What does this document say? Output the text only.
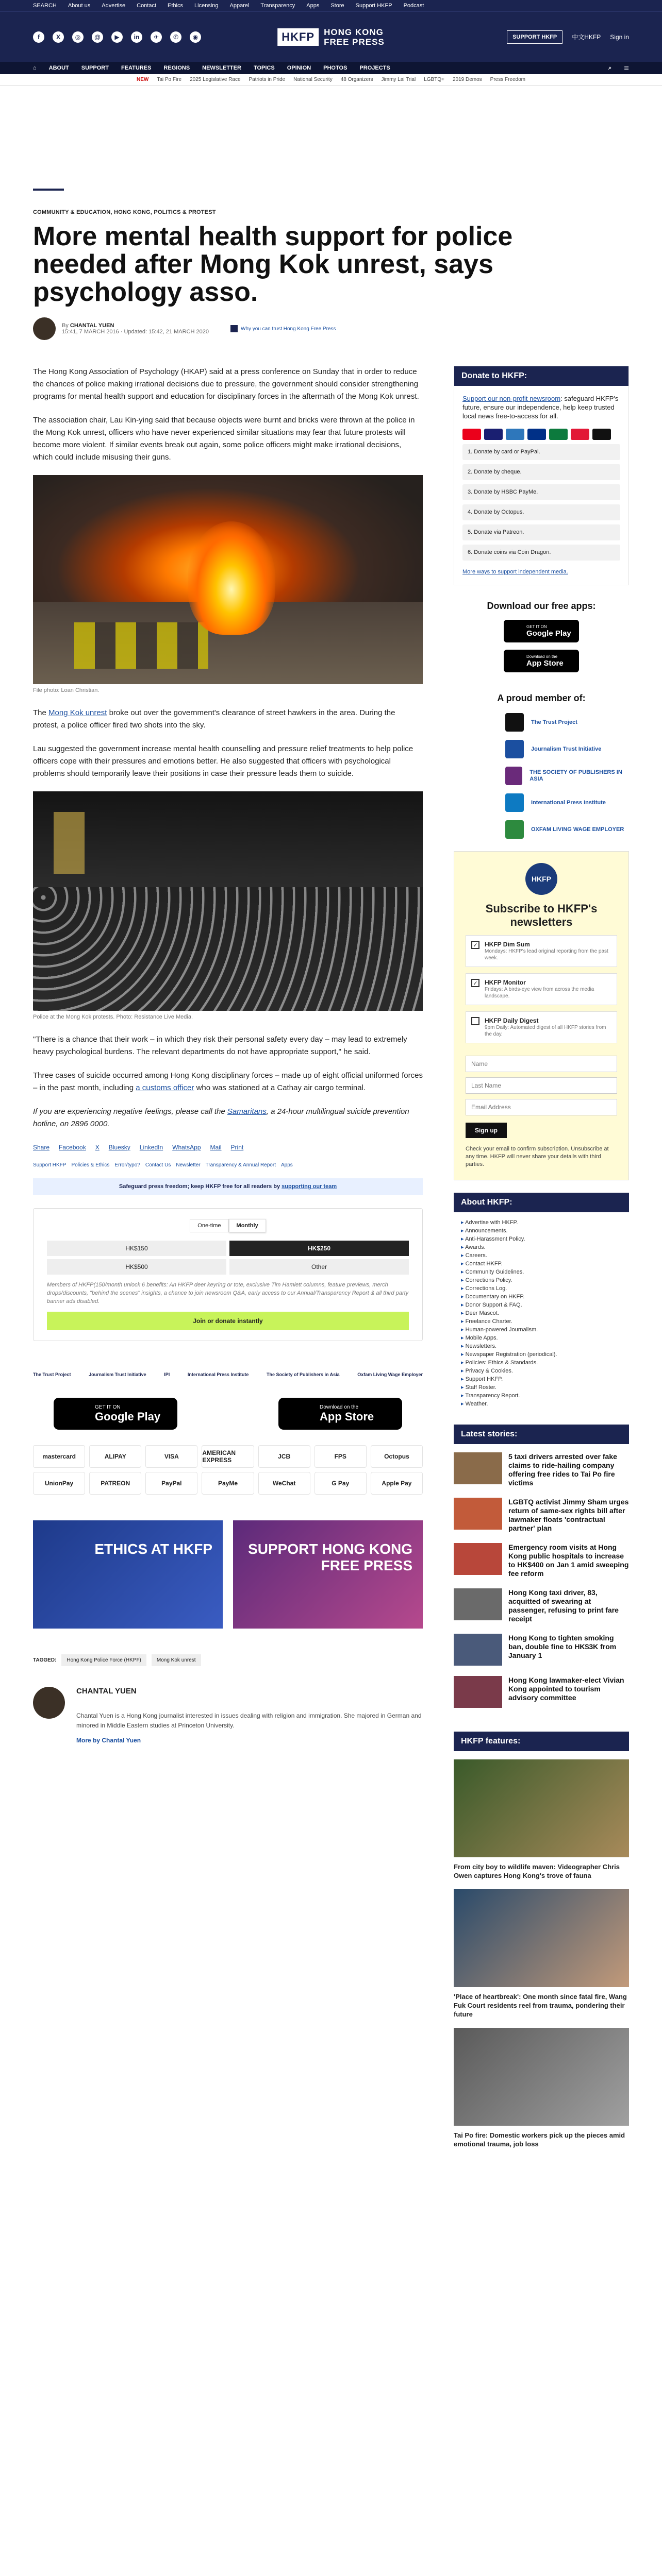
SEARCH About us Advertise Contact Ethics Licensing Apparel Transparency Apps Store Support HKFP Podcast
f	X	◎	@	▶	in	✈	✆	◉	HKFP	HONG KONG
FREE PRESS	SUPPORT HKFP	中文HKFP Sign in
⌂ ABOUT SUPPORT FEATURES REGIONS NEWSLETTER TOPICS OPINION PHOTOS PROJECTS	⌕ ☰
NEW Tai Po Fire 2025 Legislative Race Patriots in Pride National Security 48 Organizers Jimmy Lai Trial LGBTQ+ 2019 Demos Press Freedom
COMMUNITY & EDUCATION, HONG KONG, POLITICS & PROTEST
More mental health support for police needed after Mong Kok unrest, says psychology asso.
By CHANTAL YUEN
15:41, 7 MARCH 2016 · Updated: 15:42, 21 MARCH 2020	Why you can trust Hong Kong Free Press

The Hong Kong Association of Psychology (HKAP) said at a press conference on Sunday that in order to reduce the chances of police making irrational decisions due to pressure, the government should consider strengthening programs for mental health support and education for disciplinary forces in the aftermath of the Mong Kok unrest.

The association chair, Lau Kin-ying said that because objects were burnt and bricks were thrown at the police in the Mong Kok unrest, officers who have never experienced similar situations may fear that future protests will become more violent. If similar events break out again, some police officers might make irrational decisions, which could include misusing their guns.

File photo: Loan Christian.

The Mong Kok unrest broke out over the government's clearance of street hawkers in the area. During the protest, a police officer fired two shots into the sky.

Lau suggested the government increase mental health counselling and pressure relief treatments to help police officers cope with their pressures and emotions better. He also suggested that officers with psychological problems should temporarily leave their positions in case their pressure leads them to suicide.

Police at the Mong Kok protests. Photo: Resistance Live Media.

"There is a chance that their work – in which they risk their personal safety every day – may lead to extremely heavy psychological burdens. The relevant departments do not have appropriate support," he said.

Three cases of suicide occurred among Hong Kong disciplinary forces – made up of eight official uniformed forces – in the past month, including a customs officer who was stationed at a Cathay air cargo terminal.

If you are experiencing negative feelings, please call the Samaritans, a 24-hour multilingual suicide prevention hotline, on 2896 0000.

Share Facebook X Bluesky LinkedIn WhatsApp Mail Print
Support HKFP Policies & Ethics Error/typo? Contact Us Newsletter Transparency & Annual Report Apps
Safeguard press freedom; keep HKFP free for all readers by
supporting our team
One-time	Monthly
HK$150	HK$250
HK$500	Other
Members of HKFP(150/month unlock 6 benefits: An HKFP deer keyring or tote, exclusive Tim Hamlett columns, feature previews, merch drops/discounts, "behind the scenes" insights, a chance to join newsroom Q&A, early access to our Annual/Transparency Report & all third party banner ads disabled.
Join or donate instantly
The Trust Project	Journalism Trust Initiative	IPI	International Press Institute	The Society of Publishers in Asia	Oxfam Living Wage Employer
GET IT ON
Google Play
Download on the
App Store
mastercard	ALIPAY	VISA	AMERICAN EXPRESS	JCB	FPS	Octopus
UnionPay	PATREON	PayPal	PayMe	WeChat	G Pay	Apple Pay
ETHICS AT HKFP	SUPPORT HONG KONG FREE PRESS
TAGGED:	Hong Kong Police Force (HKPF)	Mong Kok unrest
CHANTAL YUEN

Chantal Yuen is a Hong Kong journalist interested in issues dealing with religion and immigration. She majored in German and minored in Middle Eastern studies at Princeton University.

More by Chantal Yuen
Donate to HKFP:
Support our non-profit newsroom: safeguard HKFP's future, ensure our independence, help keep trusted local news free-to-access for all.
1. Donate by card or PayPal.
2. Donate by cheque.
3. Donate by HSBC PayMe.
4. Donate by Octopus.
5. Donate via Patreon.
6. Donate coins via Coin Dragon.
More ways to support independent media.
Download our free apps:
GET IT ON
Google Play
Download on the
App Store
A proud member of:
The Trust Project
Journalism Trust Initiative
THE SOCIETY OF PUBLISHERS IN ASIA
International Press Institute
OXFAM LIVING WAGE EMPLOYER
HKFP
Subscribe to HKFP's newsletters
✓ HKFP Dim Sum
Mondays: HKFP's lead original reporting from the past week.
✓ HKFP Monitor
Fridays: A birds-eye view from across the media landscape.
HKFP Daily Digest
9pm Daily: Automated digest of all HKFP stories from the day.
Name Last Name Email Address
Sign up
Check your email to confirm subscription. Unsubscribe at any time. HKFP will never share your details with third parties.
About HKFP:
▸ Advertise with HKFP.
▸ Announcements.
▸ Anti-Harassment Policy.
▸ Awards.
▸ Careers.
▸ Contact HKFP.
▸ Community Guidelines.
▸ Corrections Policy.
▸ Corrections Log.
▸ Documentary on HKFP.
▸ Donor Support & FAQ.
▸ Deer Mascot.
▸ Freelance Charter.
▸ Human-powered Journalism.
▸ Mobile Apps.
▸ Newsletters.
▸ Newspaper Registration (periodical).
▸ Policies: Ethics & Standards.
▸ Privacy & Cookies.
▸ Support HKFP.
▸ Staff Roster.
▸ Transparency Report.
▸ Weather.
Latest stories:
5 taxi drivers arrested over fake claims to ride-hailing company offering free rides to Tai Po fire victims
LGBTQ activist Jimmy Sham urges return of same-sex rights bill after lawmaker floats 'contractual partner' plan
Emergency room visits at Hong Kong public hospitals to increase to HK$400 on Jan 1 amid sweeping fee reform
Hong Kong taxi driver, 83, acquitted of swearing at passenger, refusing to print fare receipt
Hong Kong to tighten smoking ban, double fine to HK$3K from January 1
Hong Kong lawmaker-elect Vivian Kong appointed to tourism advisory committee
HKFP features:

From city boy to wildlife maven: Videographer Chris Owen captures Hong Kong's trove of fauna

'Place of heartbreak': One month since fatal fire, Wang Fuk Court residents reel from trauma, pondering their future

Tai Po fire: Domestic workers pick up the pieces amid emotional trauma, job loss
